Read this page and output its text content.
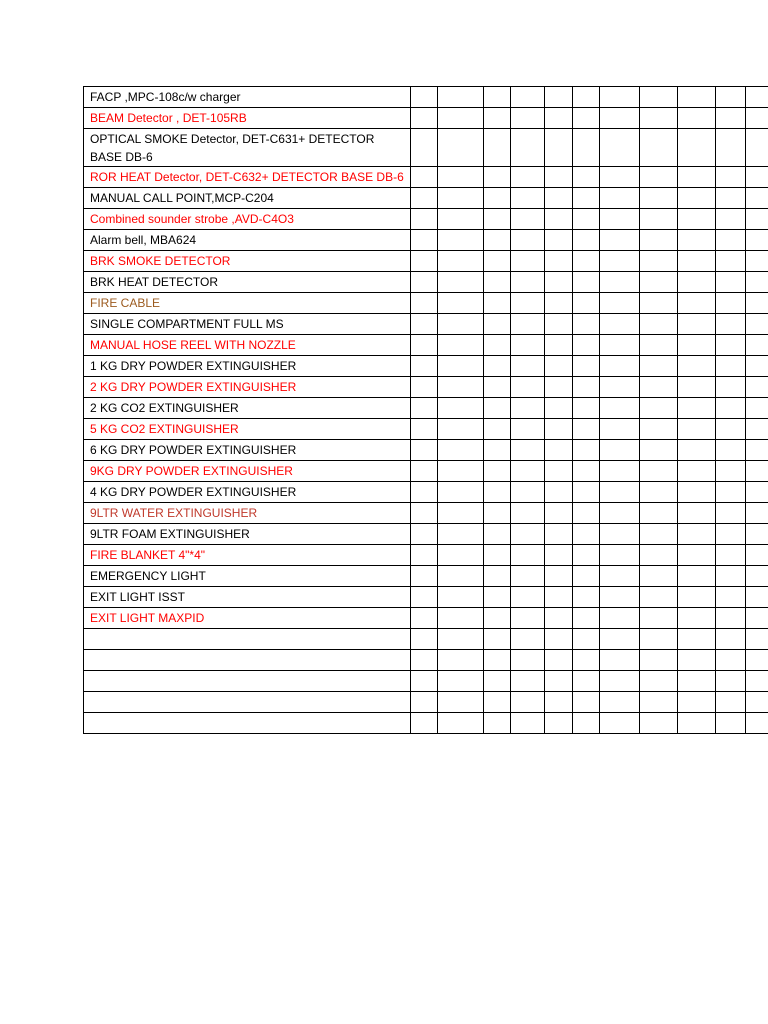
FACP ,MPC-108c/w charger											
BEAM Detector , DET-105RB											
OPTICAL SMOKE Detector, DET-C631+ DETECTOR BASE DB-6											
ROR HEAT Detector, DET-C632+ DETECTOR BASE DB-6											
MANUAL CALL POINT,MCP-C204											
Combined sounder strobe ,AVD-C4O3											
Alarm bell, MBA624											
BRK SMOKE DETECTOR											
BRK HEAT DETECTOR											
FIRE CABLE											
SINGLE COMPARTMENT FULL MS											
MANUAL HOSE REEL WITH NOZZLE											
1 KG DRY POWDER EXTINGUISHER											
2 KG DRY POWDER EXTINGUISHER											
2 KG CO2 EXTINGUISHER											
5 KG CO2 EXTINGUISHER											
6 KG DRY POWDER EXTINGUISHER											
9KG DRY POWDER EXTINGUISHER											
4 KG DRY POWDER EXTINGUISHER											
9LTR WATER EXTINGUISHER											
9LTR FOAM EXTINGUISHER											
FIRE BLANKET 4"*4"											
EMERGENCY LIGHT											
EXIT LIGHT ISST											
EXIT LIGHT MAXPID											
